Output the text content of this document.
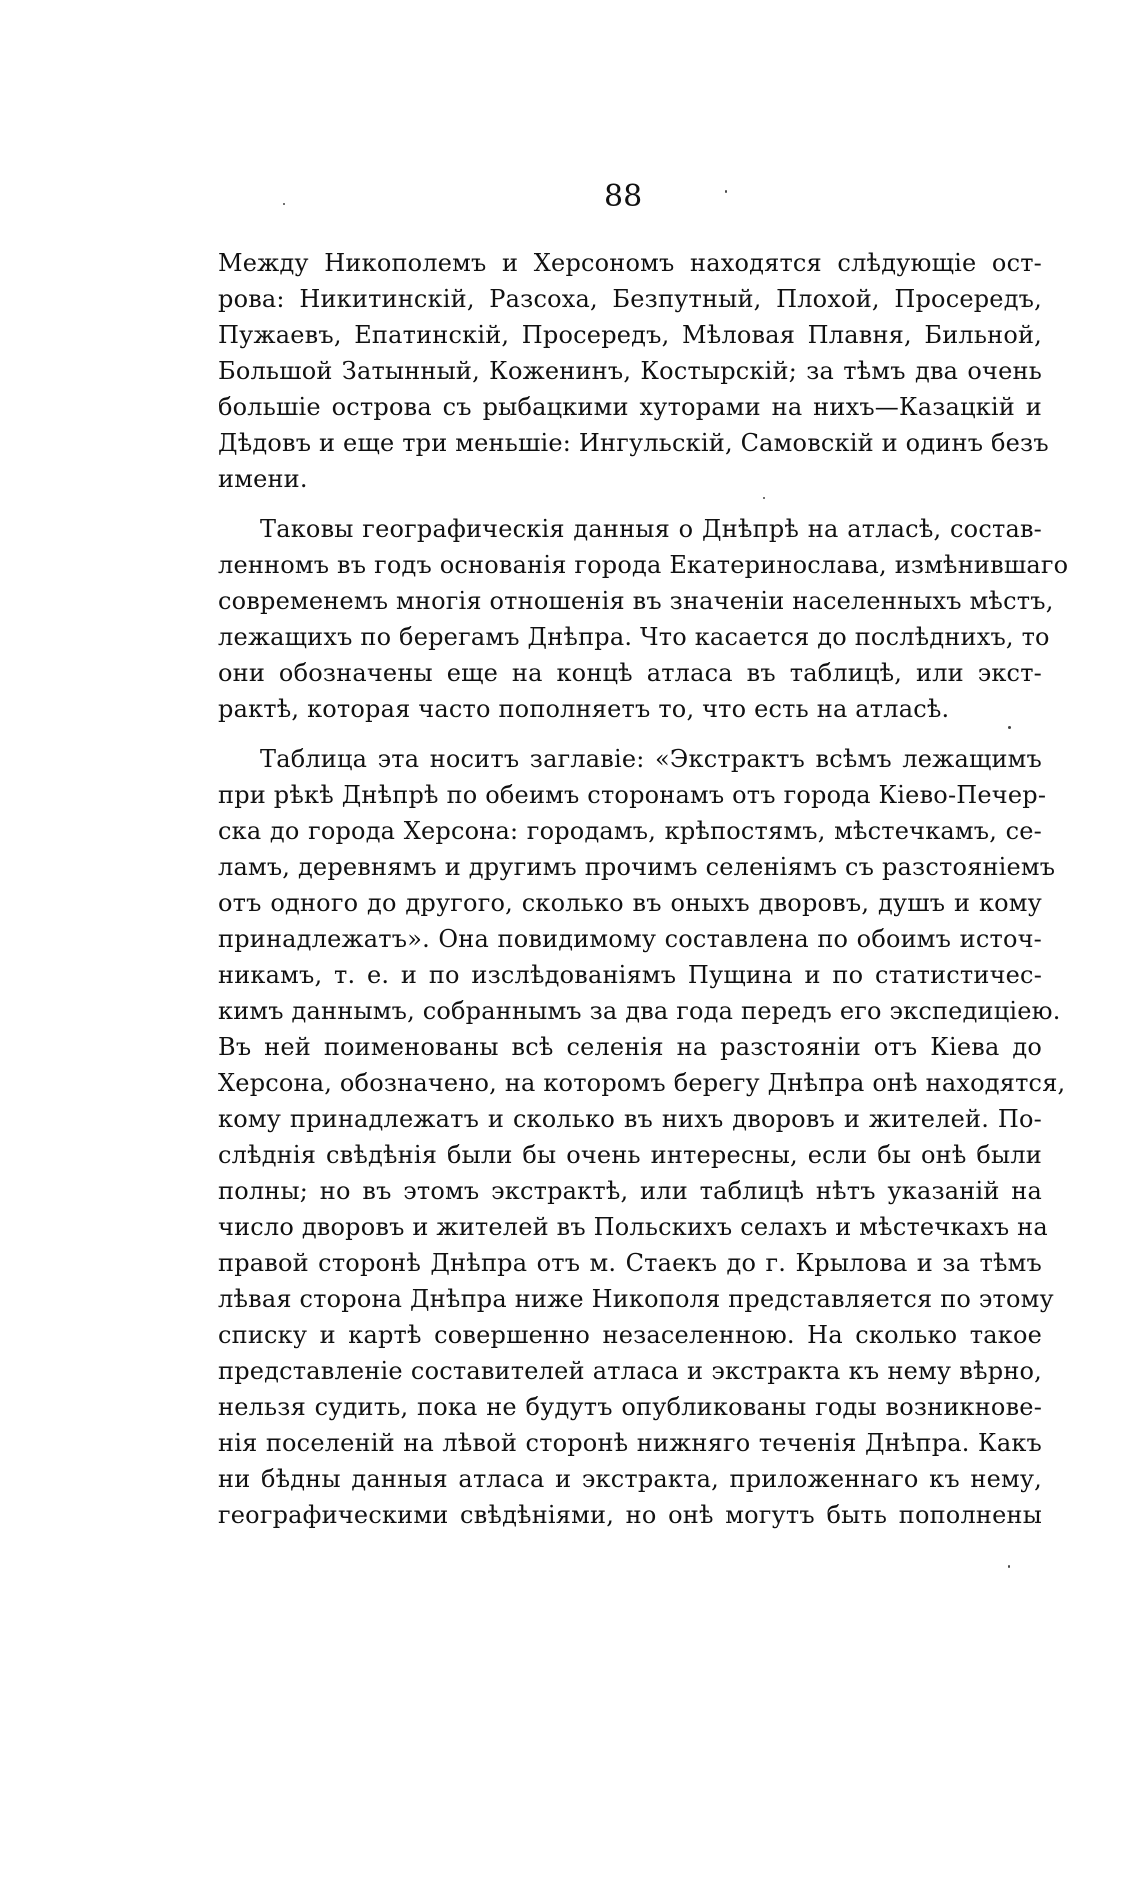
88
Между Никополемъ и Херсономъ находятся слѣдующіе ост-
рова: Никитинскій, Разсоха, Безпутный, Плохой, Просередъ,
Пужаевъ, Епатинскій, Просередъ, Мѣловая Плавня, Бильной,
Большой Затынный, Коженинъ, Костырскій; за тѣмъ два очень
большіе острова съ рыбацкими хуторами на нихъ—Казацкій и
Дѣдовъ и еще три меньшіе: Ингульскій, Самовскій и одинъ безъ
имени.
Таковы географическія данныя о Днѣпрѣ на атласѣ, состав-
ленномъ въ годъ основанія города Екатеринослава, измѣнившаго
современемъ многія отношенія въ значеніи населенныхъ мѣстъ,
лежащихъ по берегамъ Днѣпра. Что касается до послѣднихъ, то
они обозначены еще на концѣ атласа въ таблицѣ, или экст-
рактѣ, которая часто пополняетъ то, что есть на атласѣ.
Таблица эта носитъ заглавіе: «Экстрактъ всѣмъ лежащимъ
при рѣкѣ Днѣпрѣ по обеимъ сторонамъ отъ города Кіево-Печер-
ска до города Херсона: городамъ, крѣпостямъ, мѣстечкамъ, се-
ламъ, деревнямъ и другимъ прочимъ селеніямъ съ разстояніемъ
отъ одного до другого, сколько въ оныхъ дворовъ, душъ и кому
принадлежатъ». Она повидимому составлена по обоимъ источ-
никамъ, т. е. и по изслѣдованіямъ Пущина и по статистичес-
кимъ даннымъ, собраннымъ за два года передъ его экспедиціею.
Въ ней поименованы всѣ селенія на разстояніи отъ Кіева до
Херсона, обозначено, на которомъ берегу Днѣпра онѣ находятся,
кому принадлежатъ и сколько въ нихъ дворовъ и жителей. По-
слѣднія свѣдѣнія были бы очень интересны, если бы онѣ были
полны; но въ этомъ экстрактѣ, или таблицѣ нѣтъ указаній на
число дворовъ и жителей въ Польскихъ селахъ и мѣстечкахъ на
правой сторонѣ Днѣпра отъ м. Стаекъ до г. Крылова и за тѣмъ
лѣвая сторона Днѣпра ниже Никополя представляется по этому
списку и картѣ совершенно незаселенною. На сколько такое
представленіе составителей атласа и экстракта къ нему вѣрно,
нельзя судить, пока не будутъ опубликованы годы возникнове-
нія поселеній на лѣвой сторонѣ нижняго теченія Днѣпра. Какъ
ни бѣдны данныя атласа и экстракта, приложеннаго къ нему,
географическими свѣдѣніями, но онѣ могутъ быть пополнены
